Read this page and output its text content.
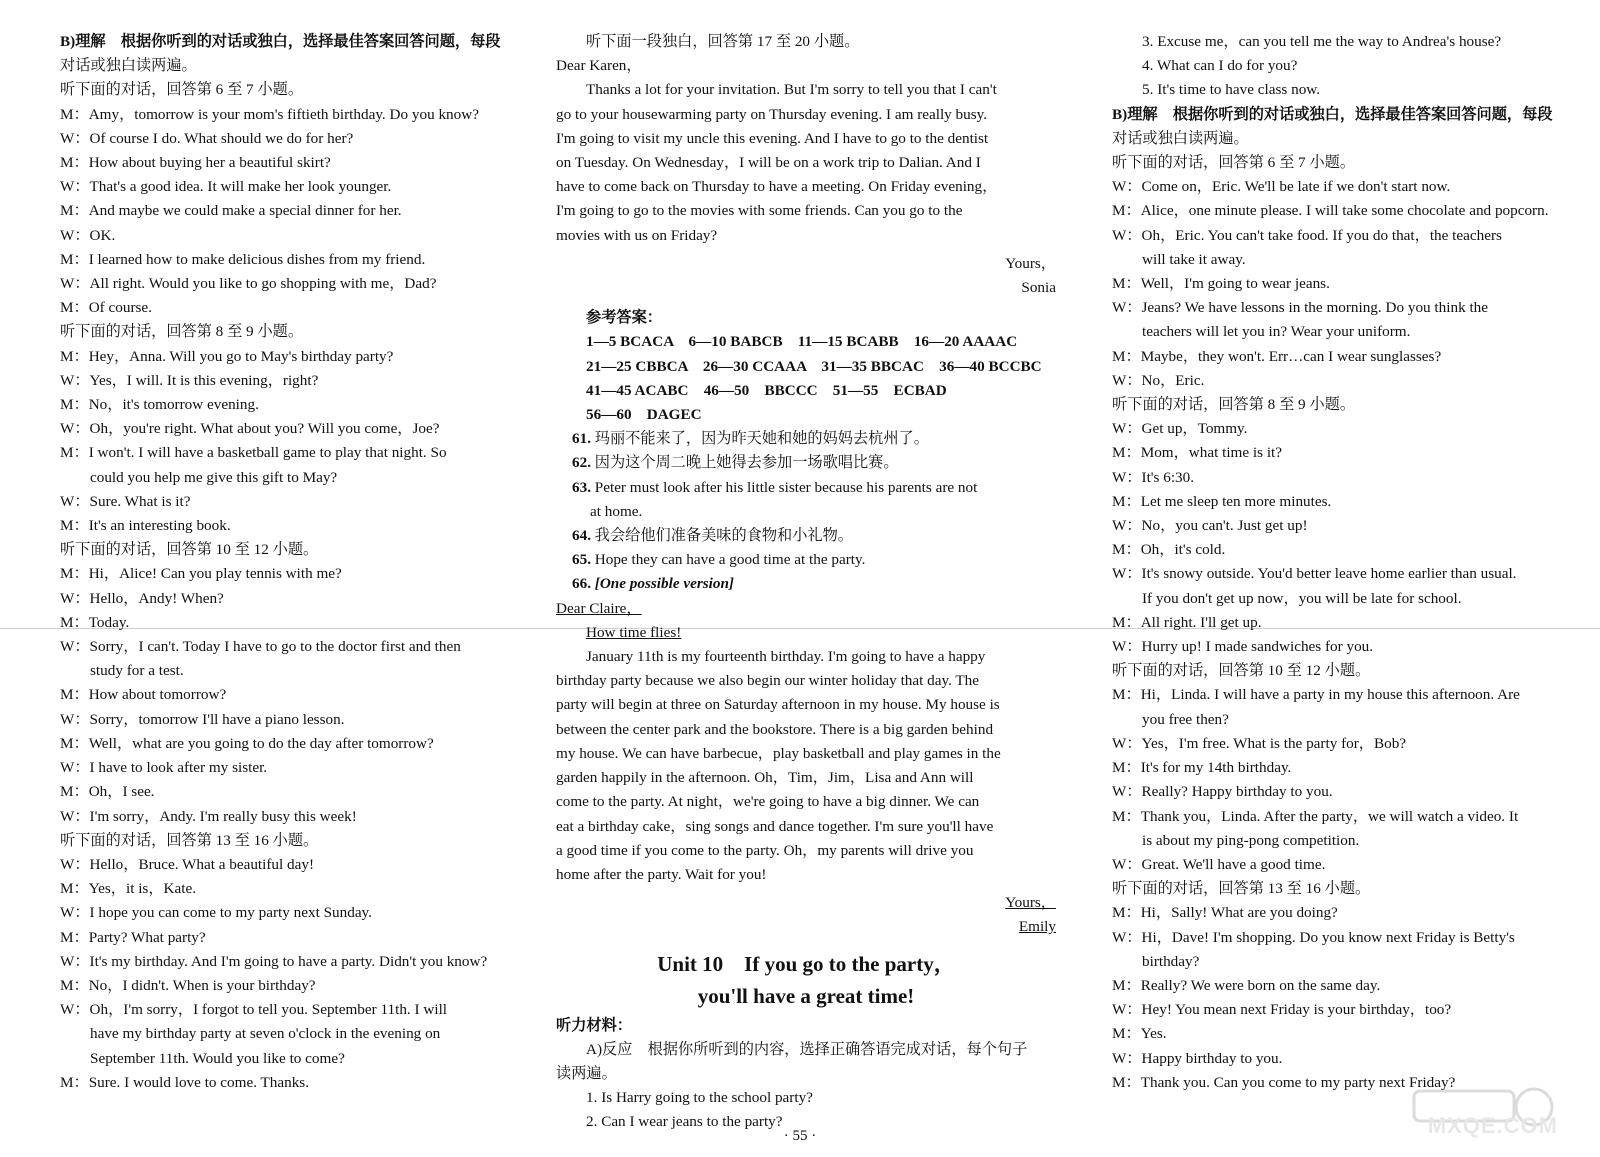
B)理解　根据你听到的对话或独白，选择最佳答案回答问题，每段
对话或独白读两遍。
听下面的对话，回答第 6 至 7 小题。
M：Amy，tomorrow is your mom's fiftieth birthday. Do you know?
W：Of course I do. What should we do for her?
M：How about buying her a beautiful skirt?
W：That's a good idea. It will make her look younger.
M：And maybe we could make a special dinner for her.
W：OK.
M：I learned how to make delicious dishes from my friend.
W：All right. Would you like to go shopping with me，Dad?
M：Of course.
听下面的对话，回答第 8 至 9 小题。
M：Hey，Anna. Will you go to May's birthday party?
W：Yes，I will. It is this evening，right?
M：No，it's tomorrow evening.
W：Oh，you're right. What about you? Will you come，Joe?
M：I won't. I will have a basketball game to play that night. So
could you help me give this gift to May?
W：Sure. What is it?
M：It's an interesting book.
听下面的对话，回答第 10 至 12 小题。
M：Hi，Alice! Can you play tennis with me?
W：Hello，Andy! When?
M：Today.
W：Sorry，I can't. Today I have to go to the doctor first and then
study for a test.
M：How about tomorrow?
W：Sorry，tomorrow I'll have a piano lesson.
M：Well，what are you going to do the day after tomorrow?
W：I have to look after my sister.
M：Oh，I see.
W：I'm sorry，Andy. I'm really busy this week!
听下面的对话，回答第 13 至 16 小题。
W：Hello，Bruce. What a beautiful day!
M：Yes，it is，Kate.
W：I hope you can come to my party next Sunday.
M：Party? What party?
W：It's my birthday. And I'm going to have a party. Didn't you know?
M：No，I didn't. When is your birthday?
W：Oh，I'm sorry，I forgot to tell you. September 11th. I will
have my birthday party at seven o'clock in the evening on
September 11th. Would you like to come?
M：Sure. I would love to come. Thanks.
听下面一段独白，回答第 17 至 20 小题。
Dear Karen，
Thanks a lot for your invitation. But I'm sorry to tell you that I can't
go to your housewarming party on Thursday evening. I am really busy.
I'm going to visit my uncle this evening. And I have to go to the dentist
on Tuesday. On Wednesday，I will be on a work trip to Dalian. And I
have to come back on Thursday to have a meeting. On Friday evening，
I'm going to go to the movies with some friends. Can you go to the
movies with us on Friday?
Yours，
Sonia
参考答案：
1—5 BCACA　6—10 BABCB　11—15 BCABB　16—20 AAAAC
21—25 CBBCA　26—30 CCAAA　31—35 BBCAC　36—40 BCCBC
41—45 ACABC　46—50　BBCCC　51—55　ECBAD
56—60　DAGEC
61. 玛丽不能来了，因为昨天她和她的妈妈去杭州了。
62. 因为这个周二晚上她得去参加一场歌唱比赛。
63. Peter must look after his little sister because his parents are not
at home.
64. 我会给他们准备美味的食物和小礼物。
65. Hope they can have a good time at the party.
66. [One possible version]
Dear Claire，
How time flies!
January 11th is my fourteenth birthday. I'm going to have a happy
birthday party because we also begin our winter holiday that day. The
party will begin at three on Saturday afternoon in my house. My house is
between the center park and the bookstore. There is a big garden behind
my house. We can have barbecue，play basketball and play games in the
garden happily in the afternoon. Oh，Tim，Jim，Lisa and Ann will
come to the party. At night，we're going to have a big dinner. We can
eat a birthday cake，sing songs and dance together. I'm sure you'll have
a good time if you come to the party. Oh，my parents will drive you
home after the party. Wait for you!
Yours，
Emily
Unit 10　If you go to the party，
you'll have a great time!
听力材料：
A)反应　根据你所听到的内容，选择正确答语完成对话，每个句子
读两遍。
1. Is Harry going to the school party?
2. Can I wear jeans to the party?
3. Excuse me，can you tell me the way to Andrea's house?
4. What can I do for you?
5. It's time to have class now.
B)理解　根据你听到的对话或独白，选择最佳答案回答问题，每段
对话或独白读两遍。
听下面的对话，回答第 6 至 7 小题。
W：Come on，Eric. We'll be late if we don't start now.
M：Alice，one minute please. I will take some chocolate and popcorn.
W：Oh，Eric. You can't take food. If you do that，the teachers
will take it away.
M：Well，I'm going to wear jeans.
W：Jeans? We have lessons in the morning. Do you think the
teachers will let you in? Wear your uniform.
M：Maybe，they won't. Err…can I wear sunglasses?
W：No，Eric.
听下面的对话，回答第 8 至 9 小题。
W：Get up，Tommy.
M：Mom，what time is it?
W：It's 6:30.
M：Let me sleep ten more minutes.
W：No，you can't. Just get up!
M：Oh，it's cold.
W：It's snowy outside. You'd better leave home earlier than usual.
If you don't get up now，you will be late for school.
M：All right. I'll get up.
W：Hurry up! I made sandwiches for you.
听下面的对话，回答第 10 至 12 小题。
M：Hi，Linda. I will have a party in my house this afternoon. Are
you free then?
W：Yes，I'm free. What is the party for，Bob?
M：It's for my 14th birthday.
W：Really? Happy birthday to you.
M：Thank you，Linda. After the party，we will watch a video. It
is about my ping-pong competition.
W：Great. We'll have a good time.
听下面的对话，回答第 13 至 16 小题。
M：Hi，Sally! What are you doing?
W：Hi，Dave! I'm shopping. Do you know next Friday is Betty's
birthday?
M：Really? We were born on the same day.
W：Hey! You mean next Friday is your birthday，too?
M：Yes.
W：Happy birthday to you.
M：Thank you. Can you come to my party next Friday?
· 55 ·	MXQE.COM
